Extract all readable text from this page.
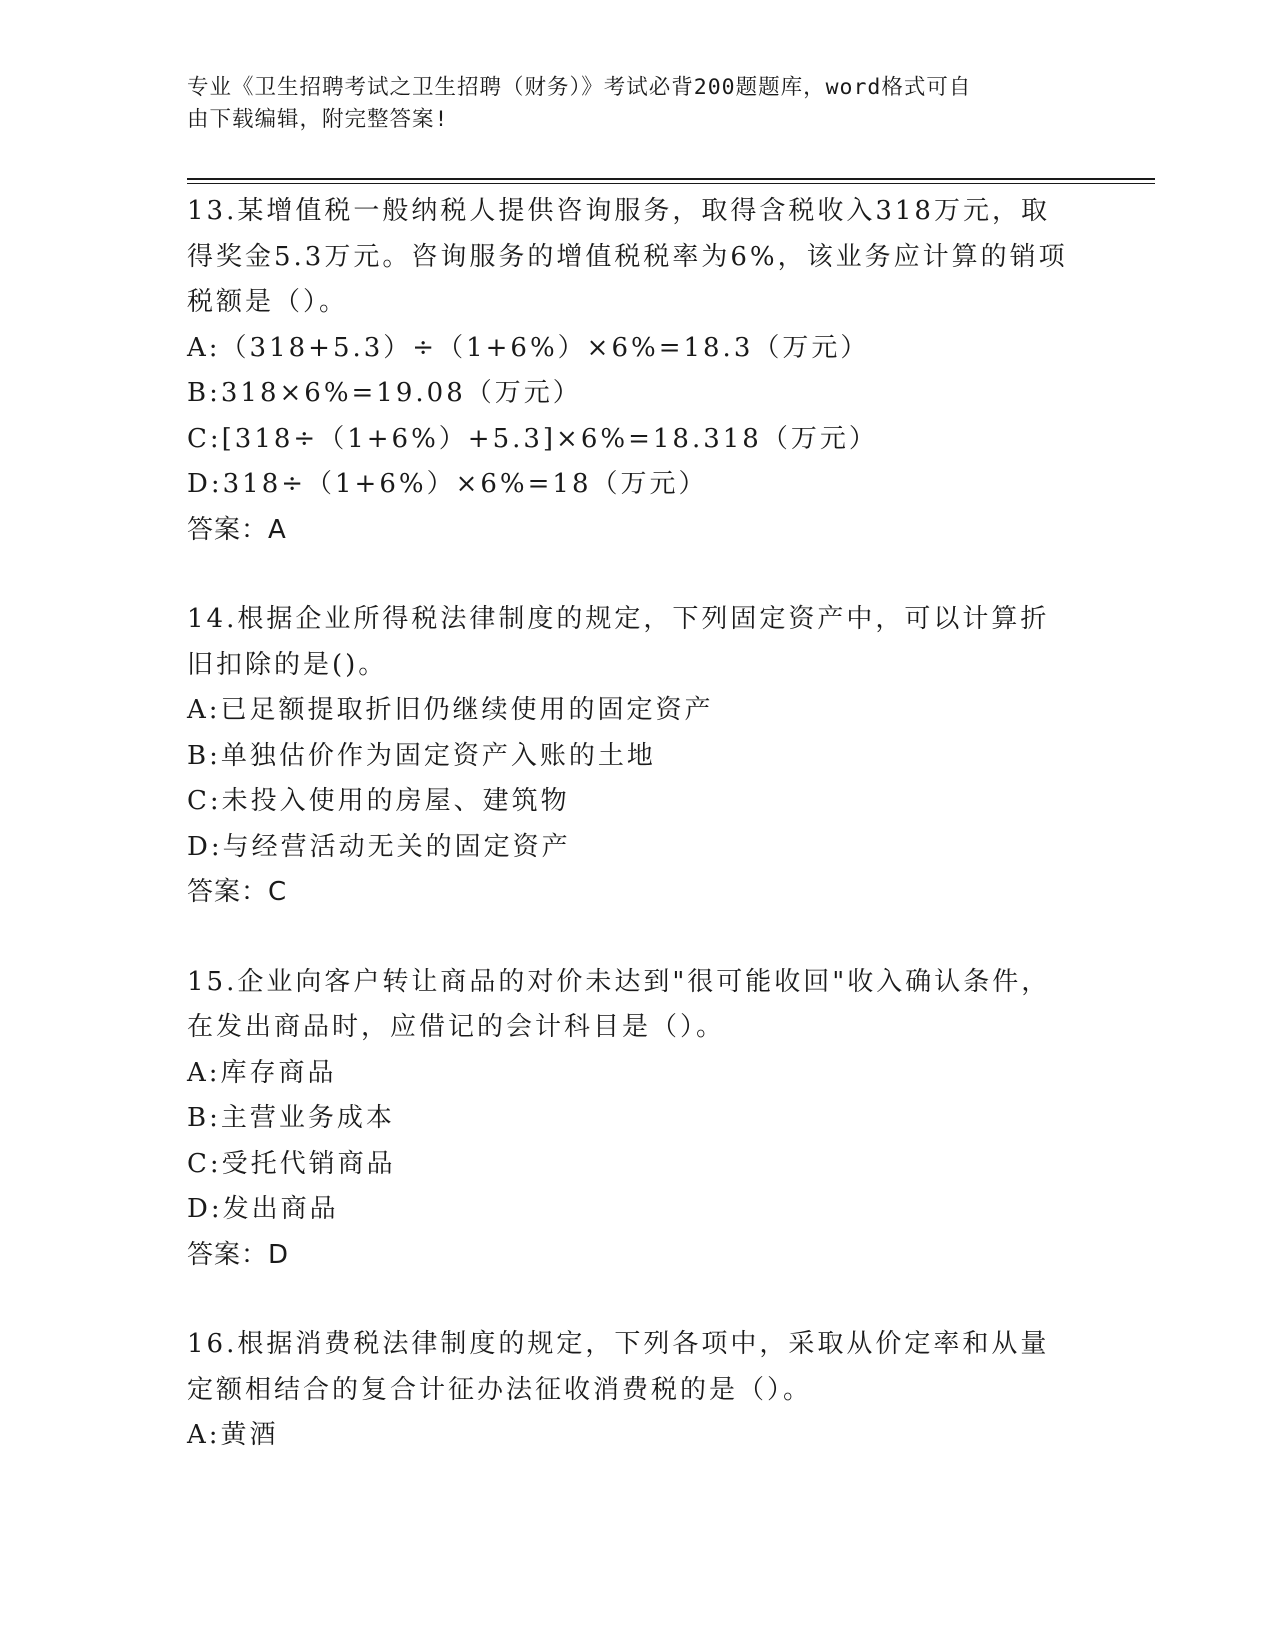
专业《卫生招聘考试之卫生招聘（财务）》考试必背200题题库，word格式可自
由下载编辑，附完整答案!
13.某增值税一般纳税人提供咨询服务，取得含税收入318万元，取得奖金5.3万元。咨询服务的增值税税率为6%，该业务应计算的销项税额是（）。
A:（318+5.3）÷（1+6%）×6%=18.3（万元）
B:318×6%=19.08（万元）
C:[318÷（1+6%）+5.3]×6%=18.318（万元）
D:318÷（1+6%）×6%=18（万元）
答案：A
14.根据企业所得税法律制度的规定，下列固定资产中，可以计算折旧扣除的是()。
A:已足额提取折旧仍继续使用的固定资产
B:单独估价作为固定资产入账的土地
C:未投入使用的房屋、建筑物
D:与经营活动无关的固定资产
答案：C
15.企业向客户转让商品的对价未达到"很可能收回"收入确认条件，在发出商品时，应借记的会计科目是（）。
A:库存商品
B:主营业务成本
C:受托代销商品
D:发出商品
答案：D
16.根据消费税法律制度的规定，下列各项中，采取从价定率和从量定额相结合的复合计征办法征收消费税的是（）。
A:黄酒
